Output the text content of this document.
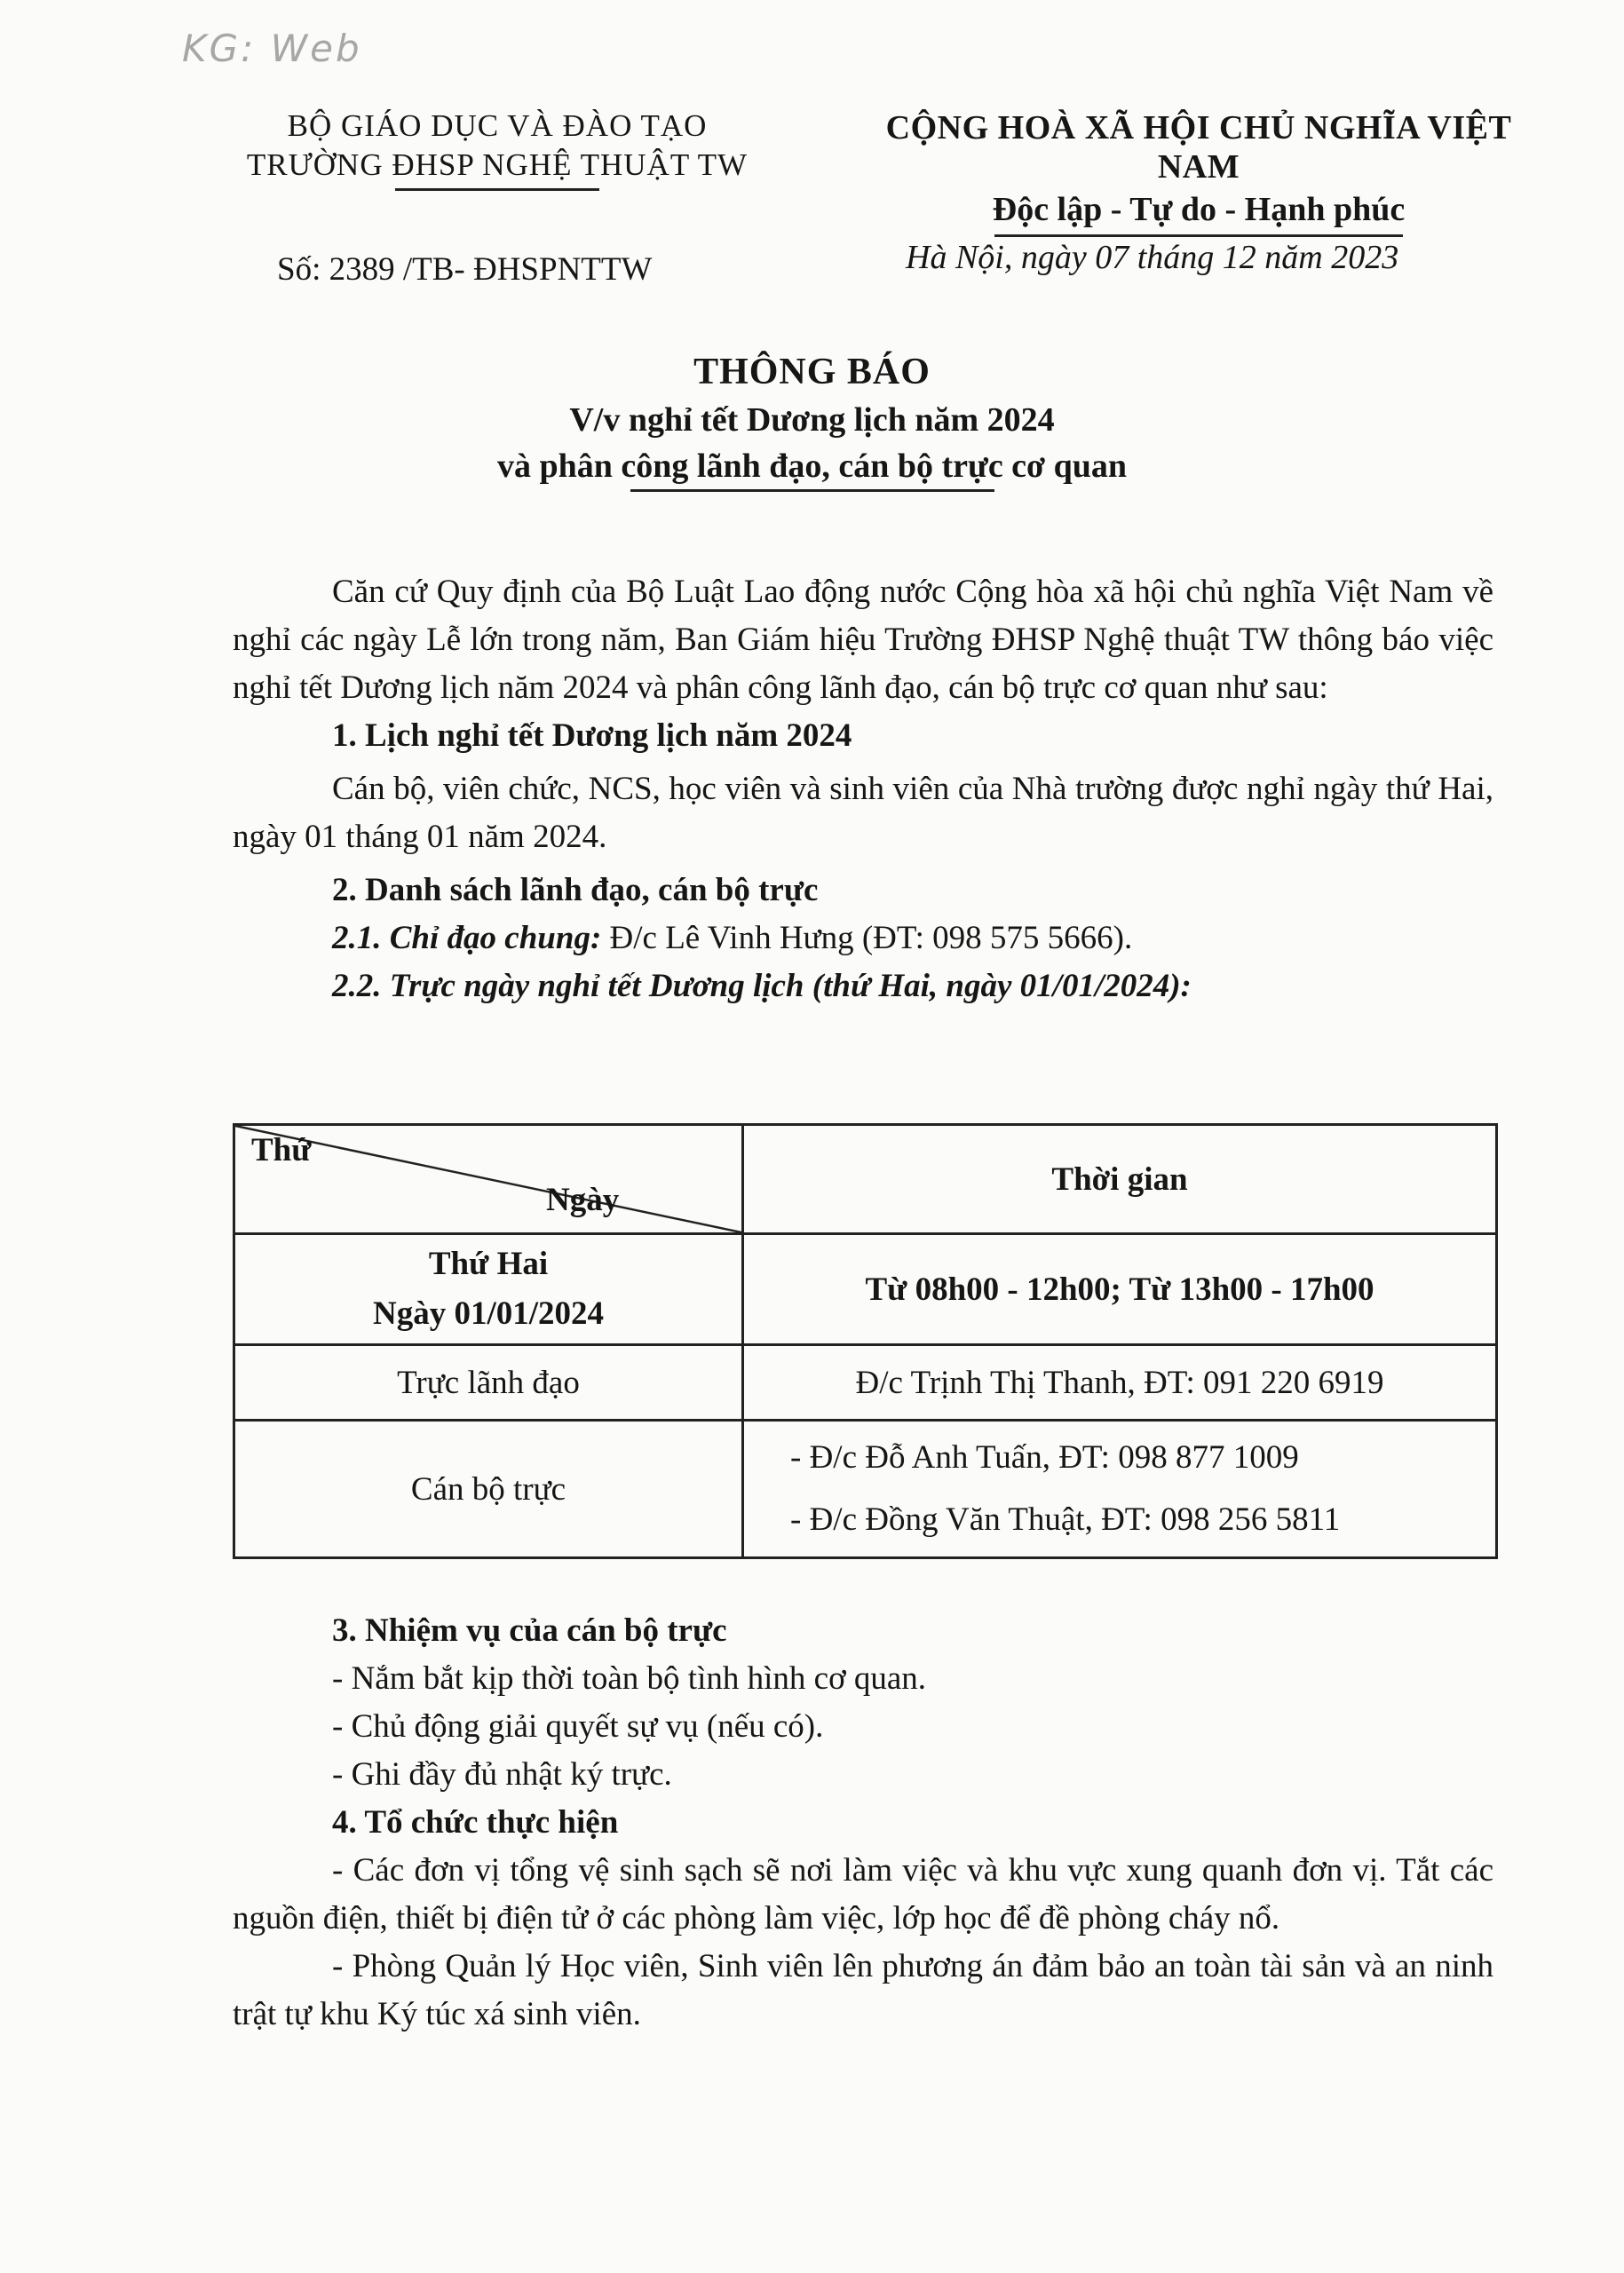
KG: Web
BỘ GIÁO DỤC VÀ ĐÀO TẠO
TRƯỜNG ĐHSP NGHỆ THUẬT TW
CỘNG HOÀ XÃ HỘI CHỦ NGHĨA VIỆT NAM
Độc lập - Tự do - Hạnh phúc
Số: 2389 /TB- ĐHSPNTTW	Hà Nội, ngày 07 tháng 12 năm 2023
THÔNG BÁO
V/v nghỉ tết Dương lịch năm 2024
và phân công lãnh đạo, cán bộ trực cơ quan
Căn cứ Quy định của Bộ Luật Lao động nước Cộng hòa xã hội chủ nghĩa Việt Nam về nghỉ các ngày Lễ lớn trong năm, Ban Giám hiệu Trường ĐHSP Nghệ thuật TW thông báo việc nghỉ tết Dương lịch năm 2024 và phân công lãnh đạo, cán bộ trực cơ quan như sau:
1. Lịch nghỉ tết Dương lịch năm 2024
Cán bộ, viên chức, NCS, học viên và sinh viên của Nhà trường được nghỉ ngày thứ Hai, ngày 01 tháng 01 năm 2024.
2. Danh sách lãnh đạo, cán bộ trực
2.1. Chỉ đạo chung: Đ/c Lê Vinh Hưng (ĐT: 098 575 5666).
2.2. Trực ngày nghỉ tết Dương lịch (thứ Hai, ngày 01/01/2024):
Thứ
Ngày	Thời gian

Thứ Hai
Ngày 01/01/2024	Từ 08h00 - 12h00; Từ 13h00 - 17h00
Trực lãnh đạo	Đ/c Trịnh Thị Thanh, ĐT: 091 220 6919
Cán bộ trực	- Đ/c Đỗ Anh Tuấn, ĐT: 098 877 1009
- Đ/c Đồng Văn Thuật, ĐT: 098 256 5811
3. Nhiệm vụ của cán bộ trực
- Nắm bắt kịp thời toàn bộ tình hình cơ quan.
- Chủ động giải quyết sự vụ (nếu có).
- Ghi đầy đủ nhật ký trực.
4. Tổ chức thực hiện
- Các đơn vị tổng vệ sinh sạch sẽ nơi làm việc và khu vực xung quanh đơn vị. Tắt các nguồn điện, thiết bị điện tử ở các phòng làm việc, lớp học để đề phòng cháy nổ.
- Phòng Quản lý Học viên, Sinh viên lên phương án đảm bảo an toàn tài sản và an ninh trật tự khu Ký túc xá sinh viên.
